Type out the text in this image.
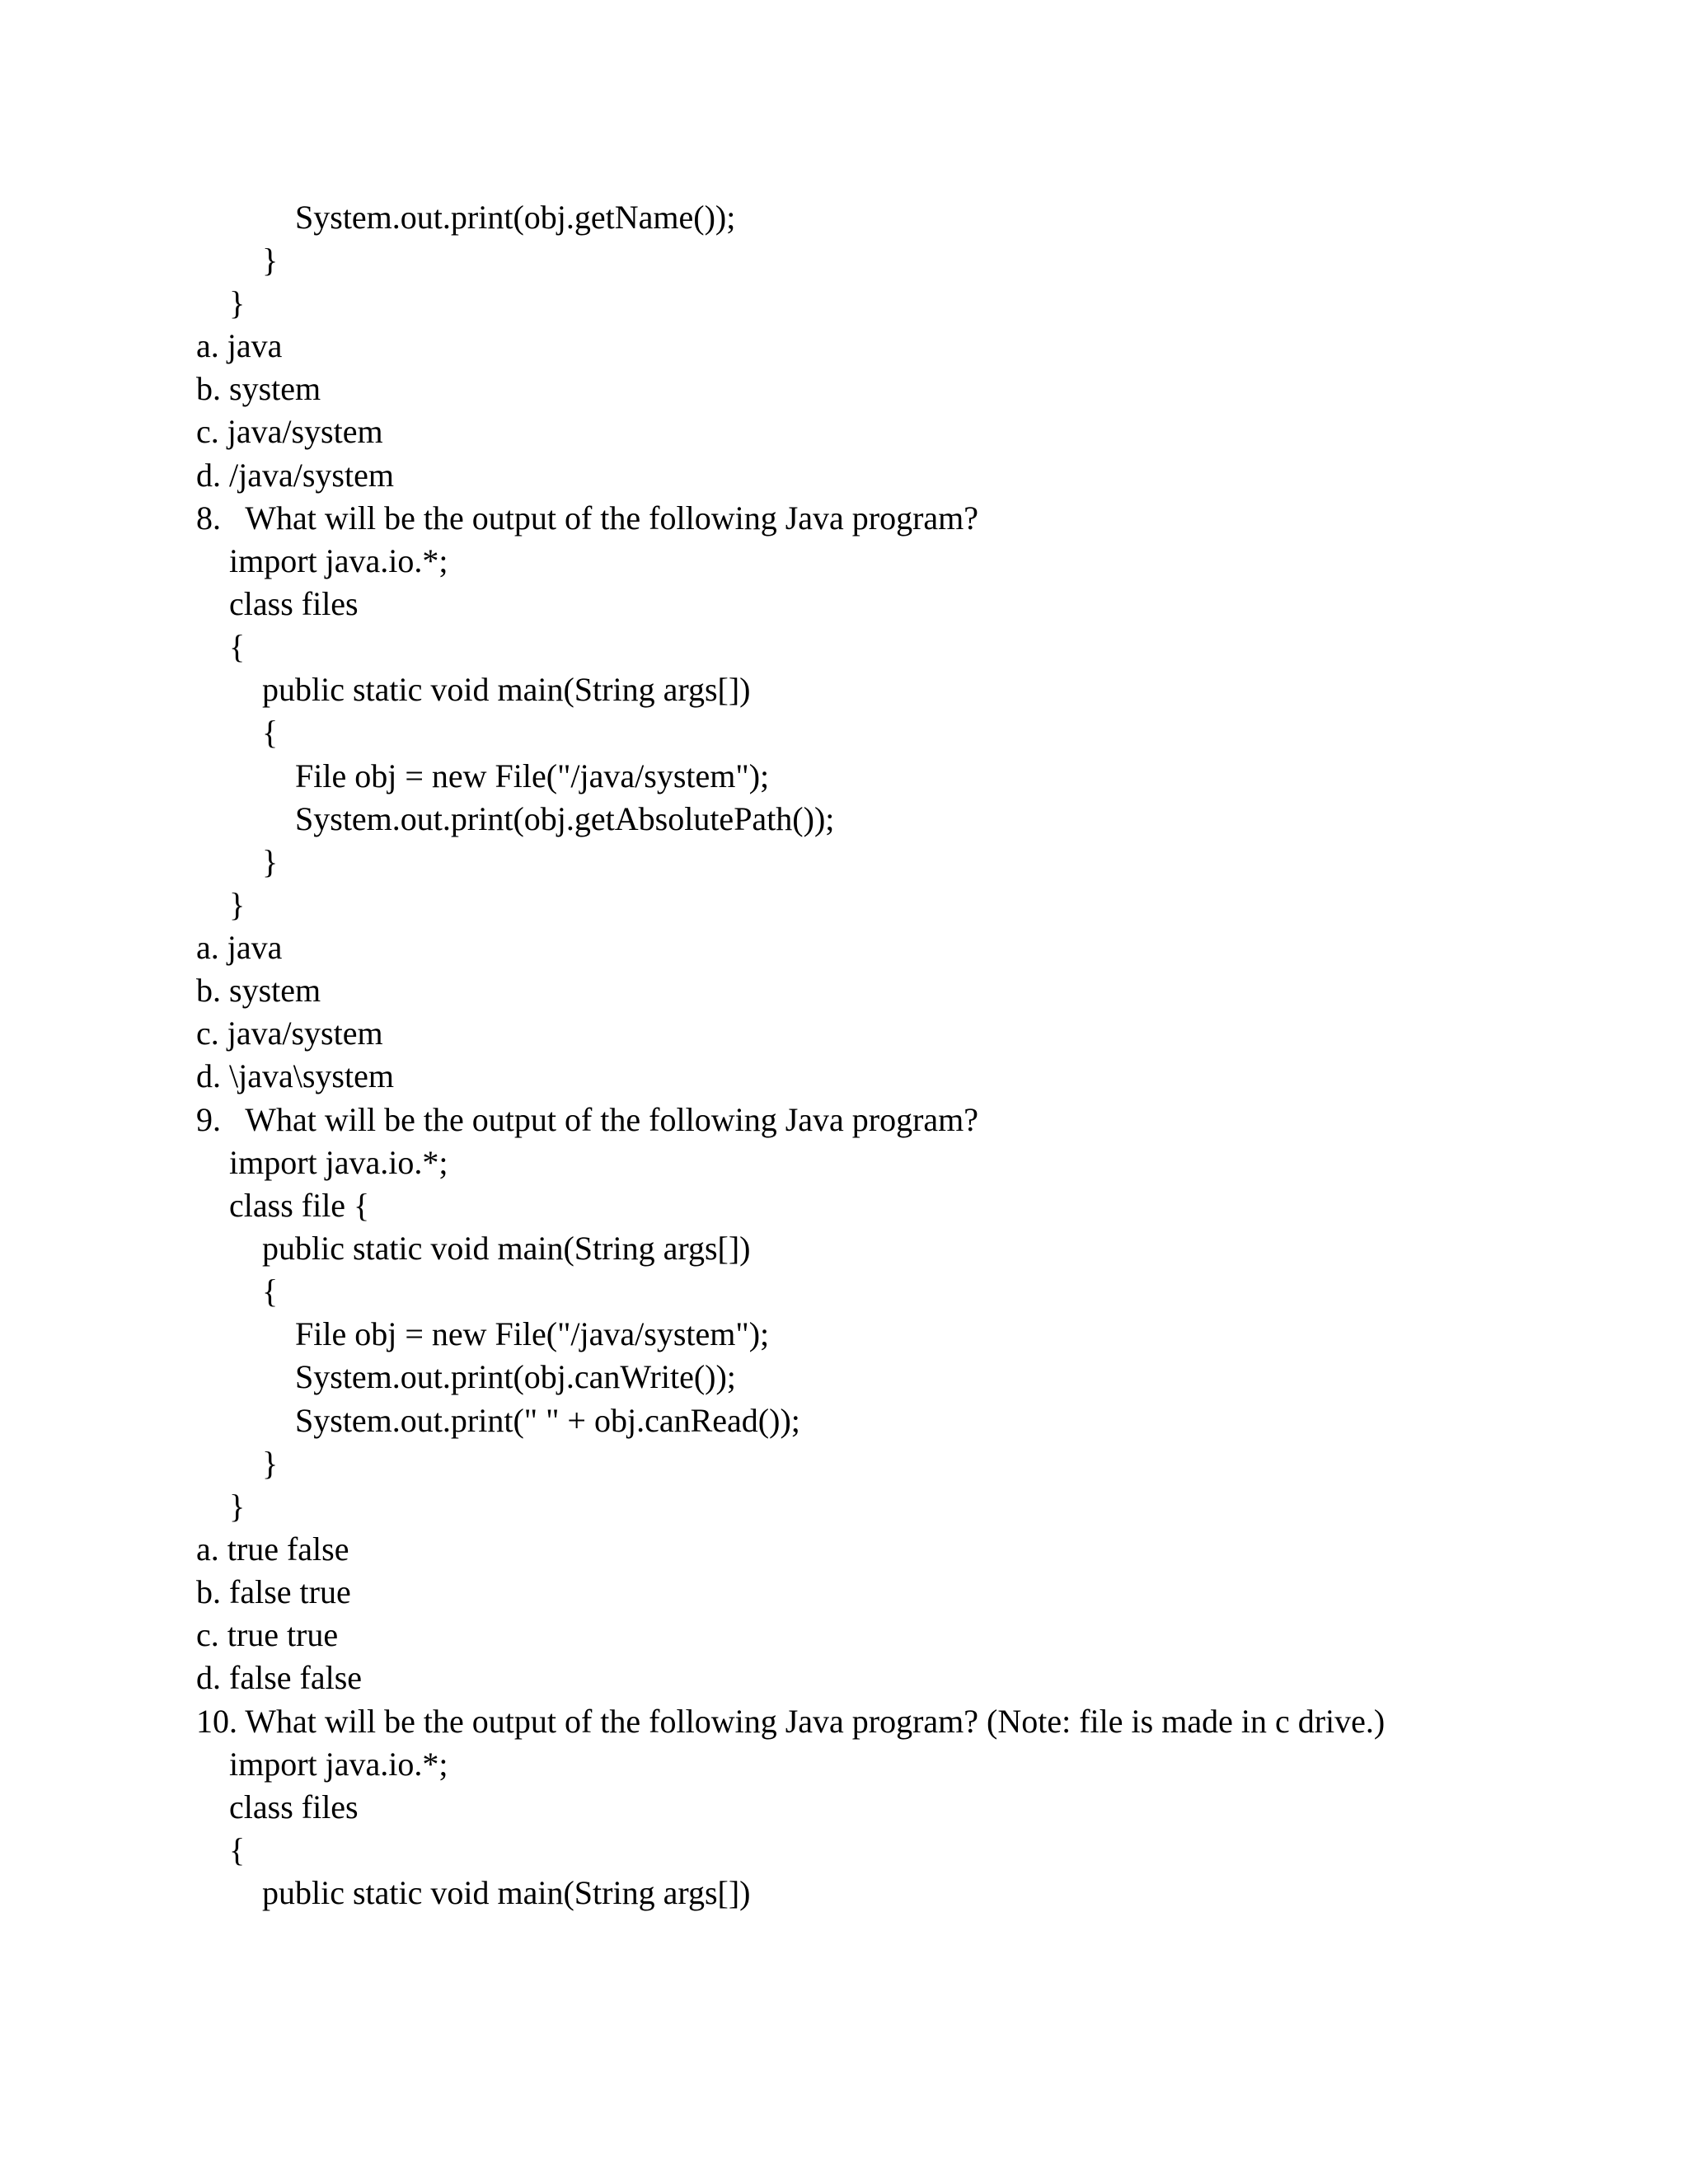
System.out.print(obj.getName());
}
}
a. java
b. system
c. java/system
d. /java/system
8.   What will be the output of the following Java program?
import java.io.*;
class files
{
public static void main(String args[])
{
File obj = new File("/java/system");
System.out.print(obj.getAbsolutePath());
}
}
a. java
b. system
c. java/system
d. \java\system
9.   What will be the output of the following Java program?
import java.io.*;
class file {
public static void main(String args[])
{
File obj = new File("/java/system");
System.out.print(obj.canWrite());
System.out.print(" " + obj.canRead());
}
}
a. true false
b. false true
c. true true
d. false false
10. What will be the output of the following Java program? (Note: file is made in c drive.)
import java.io.*;
class files
{
public static void main(String args[])
